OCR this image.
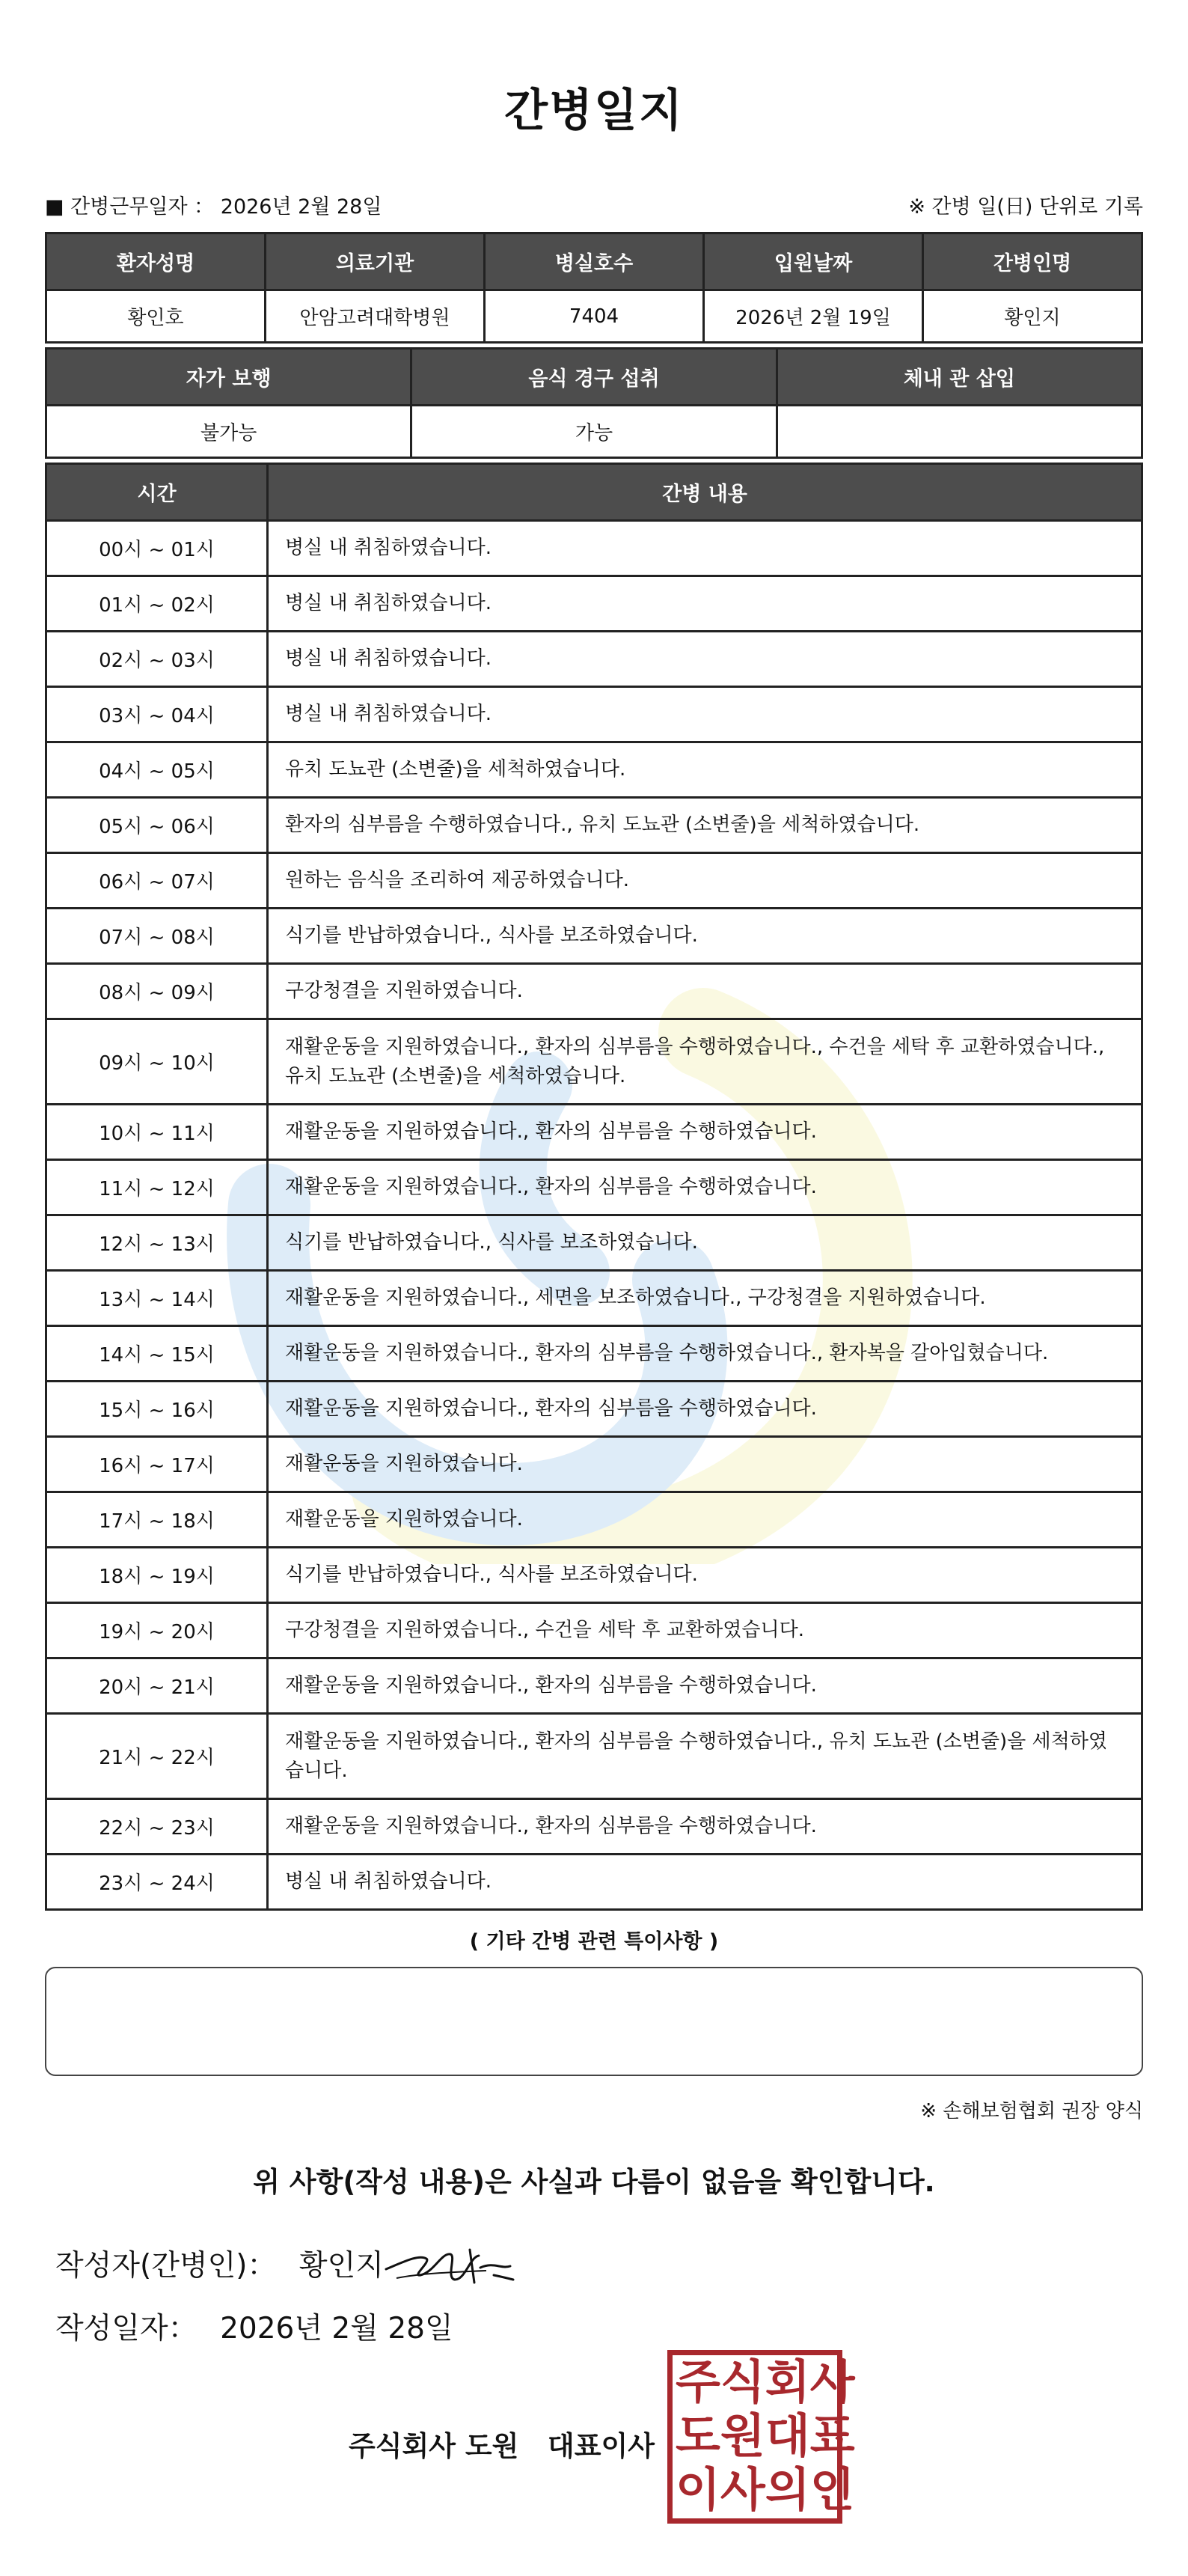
간병일지
■ 간병근무일자 ： 2026년 2월 28일	※ 간병 일(日) 단위로 기록
환자성명	의료기관	병실호수	입원날짜	간병인명
황인호	안암고려대학병원	7404	2026년 2월 19일	황인지
자가 보행	음식 경구 섭취	체내 관 삽입
불가능	가능	
시간	간병 내용
00시 ~ 01시	병실 내 취침하였습니다.
01시 ~ 02시	병실 내 취침하였습니다.
02시 ~ 03시	병실 내 취침하였습니다.
03시 ~ 04시	병실 내 취침하였습니다.
04시 ~ 05시	유치 도뇨관 (소변줄)을 세척하였습니다.
05시 ~ 06시	환자의 심부름을 수행하였습니다., 유치 도뇨관 (소변줄)을 세척하였습니다.
06시 ~ 07시	원하는 음식을 조리하여 제공하였습니다.
07시 ~ 08시	식기를 반납하였습니다., 식사를 보조하였습니다.
08시 ~ 09시	구강청결을 지원하였습니다.
09시 ~ 10시	재활운동을 지원하였습니다., 환자의 심부름을 수행하였습니다., 수건을 세탁 후 교환하였습니다., 유치 도뇨관 (소변줄)을 세척하였습니다.
10시 ~ 11시	재활운동을 지원하였습니다., 환자의 심부름을 수행하였습니다.
11시 ~ 12시	재활운동을 지원하였습니다., 환자의 심부름을 수행하였습니다.
12시 ~ 13시	식기를 반납하였습니다., 식사를 보조하였습니다.
13시 ~ 14시	재활운동을 지원하였습니다., 세면을 보조하였습니다., 구강청결을 지원하였습니다.
14시 ~ 15시	재활운동을 지원하였습니다., 환자의 심부름을 수행하였습니다., 환자복을 갈아입혔습니다.
15시 ~ 16시	재활운동을 지원하였습니다., 환자의 심부름을 수행하였습니다.
16시 ~ 17시	재활운동을 지원하였습니다.
17시 ~ 18시	재활운동을 지원하였습니다.
18시 ~ 19시	식기를 반납하였습니다., 식사를 보조하였습니다.
19시 ~ 20시	구강청결을 지원하였습니다., 수건을 세탁 후 교환하였습니다.
20시 ~ 21시	재활운동을 지원하였습니다., 환자의 심부름을 수행하였습니다.
21시 ~ 22시	재활운동을 지원하였습니다., 환자의 심부름을 수행하였습니다., 유치 도뇨관 (소변줄)을 세척하였습니다.
22시 ~ 23시	재활운동을 지원하였습니다., 환자의 심부름을 수행하였습니다.
23시 ~ 24시	병실 내 취침하였습니다.
( 기타 간병 관련 특이사항 )
※ 손해보험협회 권장 양식
위 사항(작성 내용)은 사실과 다름이 없음을 확인합니다.
작성자(간병인)： 황인지
작성일자： 2026년 2월 28일
주식회사 도원   대표이사
주 식 회 사
도 원 대 표
이 사 의 인
